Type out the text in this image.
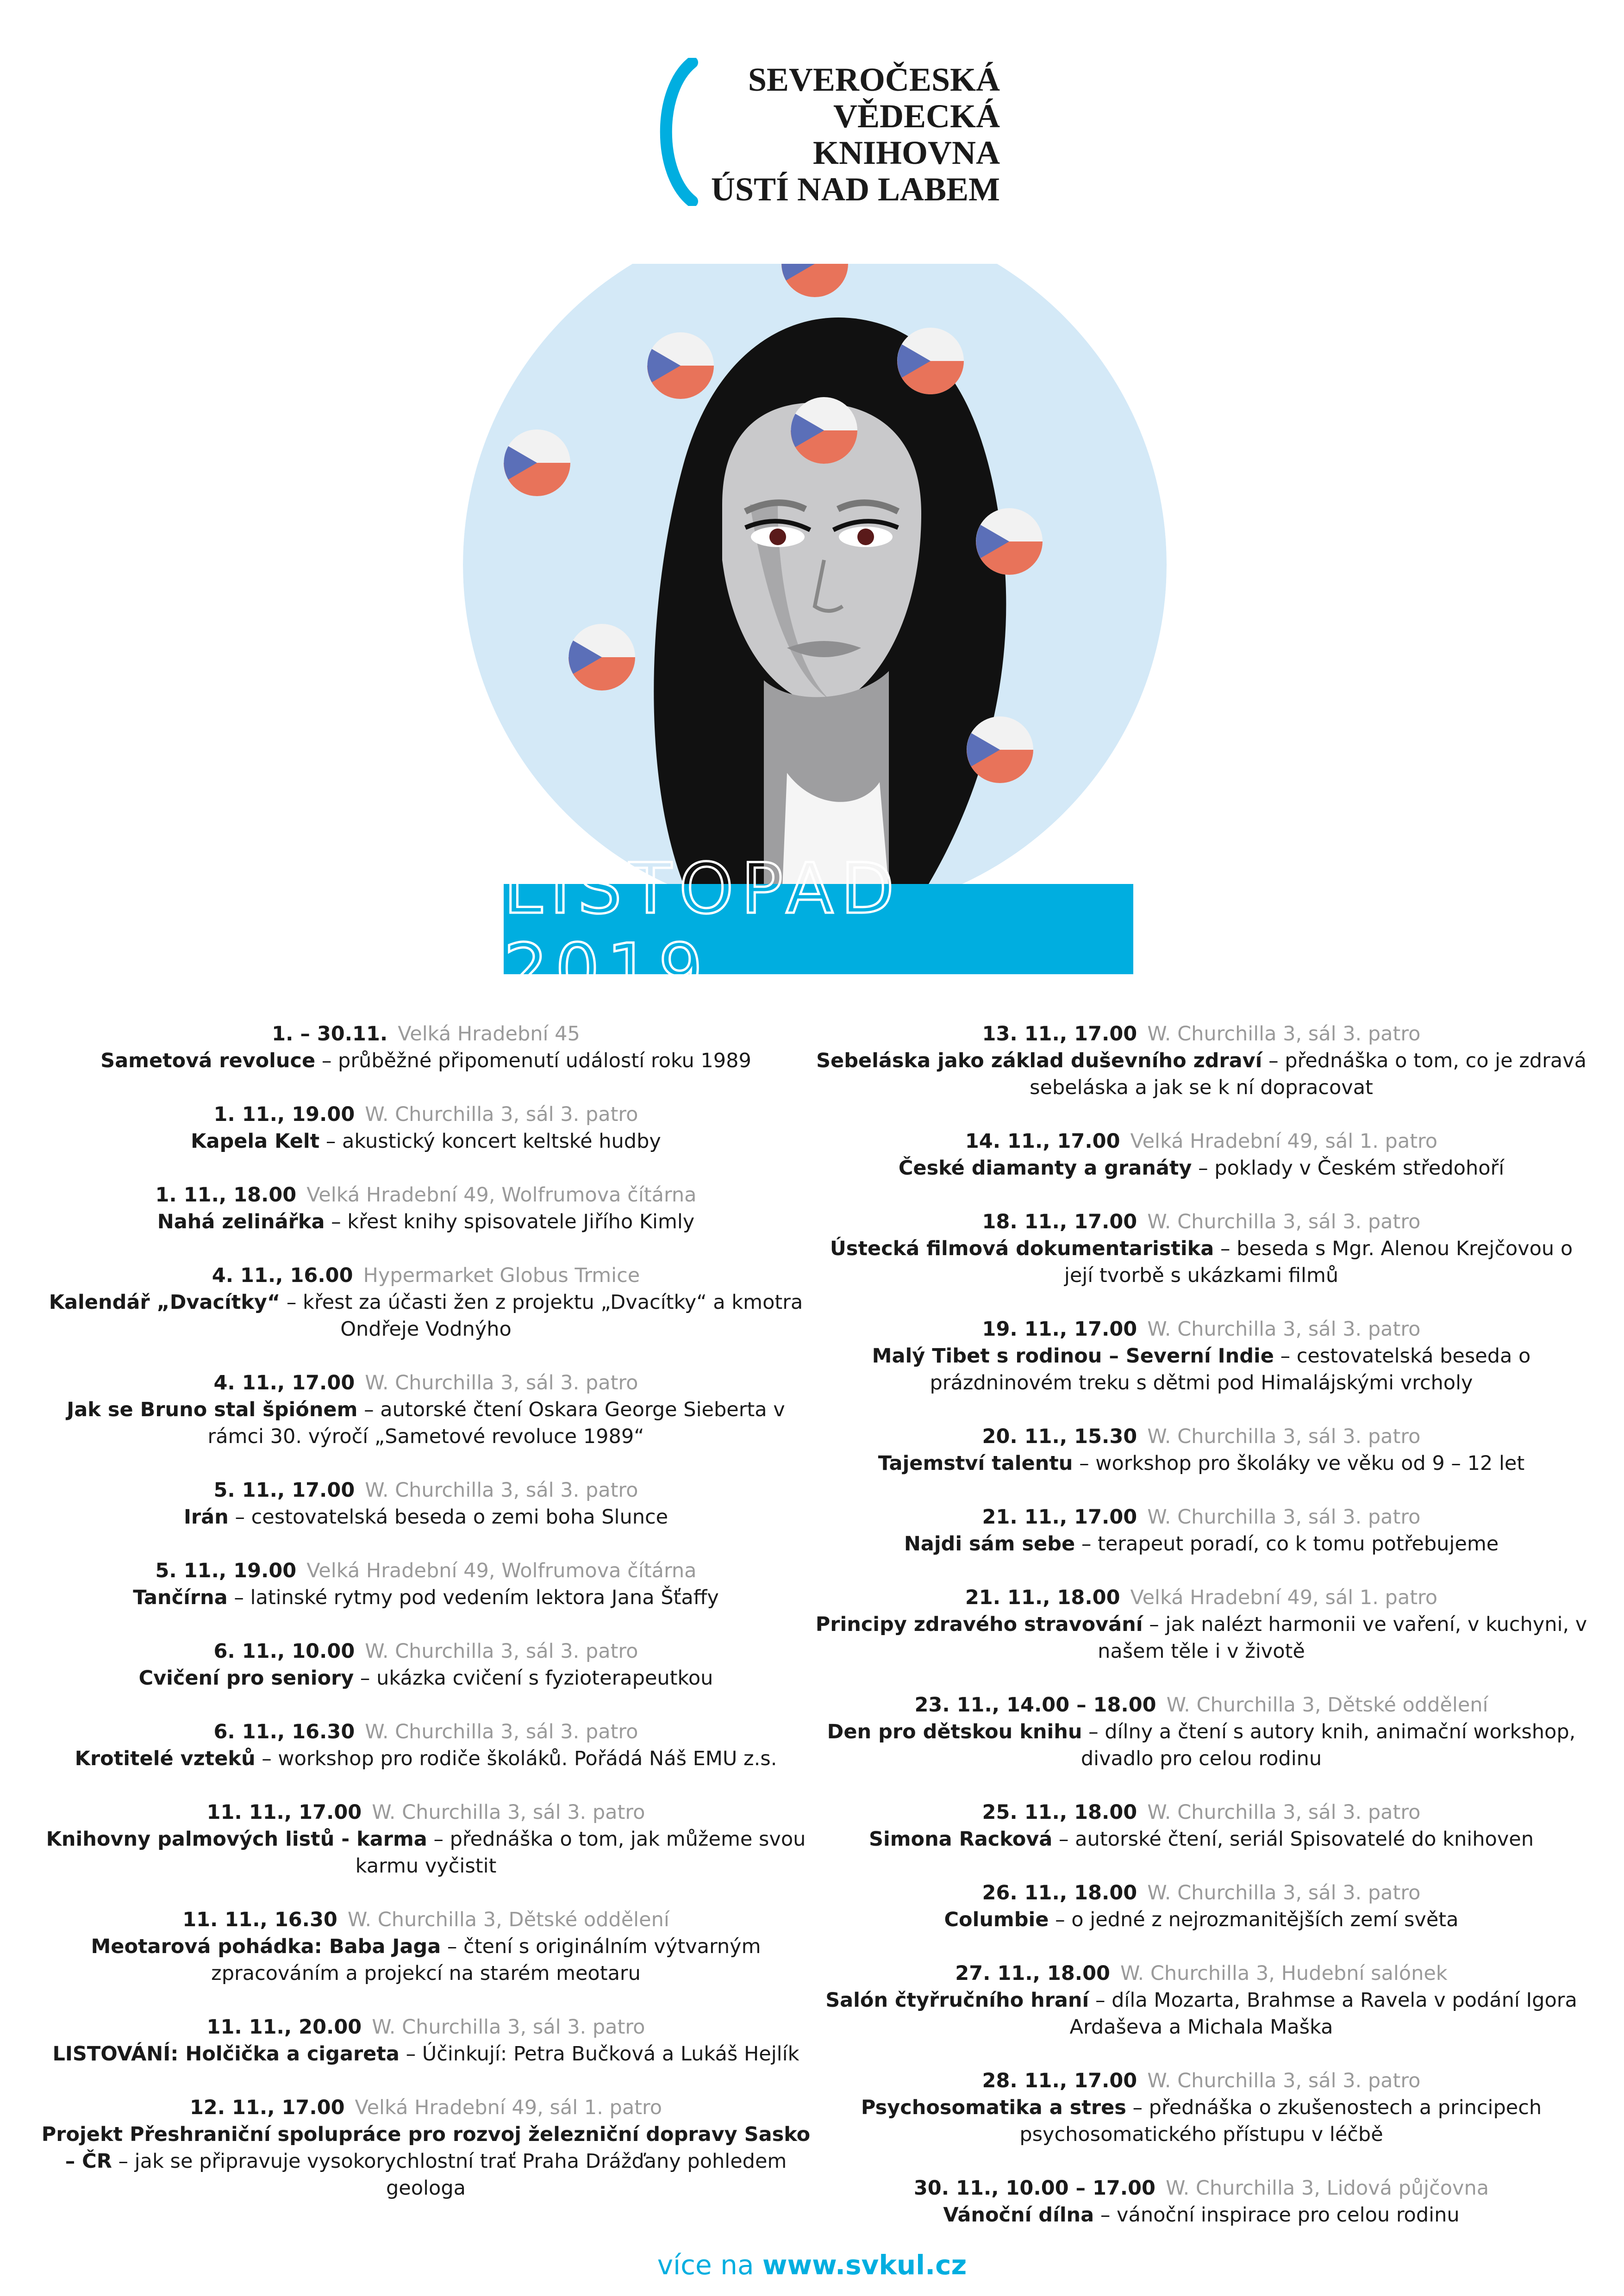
SEVEROČESKÁ
VĚDECKÁ
KNIHOVNA
ÚSTÍ NAD LABEM
LISTOPAD 2019
1. – 30.11. Velká Hradební 45
Sametová revoluce – průběžné připomenutí událostí roku 1989
1. 11., 19.00 W. Churchilla 3, sál 3. patro
Kapela Kelt – akustický koncert keltské hudby
1. 11., 18.00 Velká Hradební 49, Wolfrumova čítárna
Nahá zelinářka – křest knihy spisovatele Jiřího Kimly
4. 11., 16.00 Hypermarket Globus Trmice
Kalendář „Dvacítky“ – křest za účasti žen z projektu „Dvacítky“ a kmotra Ondřeje Vodnýho
4. 11., 17.00 W. Churchilla 3, sál 3. patro
Jak se Bruno stal špiónem – autorské čtení Oskara George Sieberta v rámci 30. výročí „Sametové revoluce 1989“
5. 11., 17.00 W. Churchilla 3, sál 3. patro
Irán – cestovatelská beseda o zemi boha Slunce
5. 11., 19.00 Velká Hradební 49, Wolfrumova čítárna
Tančírna – latinské rytmy pod vedením lektora Jana Šťaffy
6. 11., 10.00 W. Churchilla 3, sál 3. patro
Cvičení pro seniory – ukázka cvičení s fyzioterapeutkou
6. 11., 16.30 W. Churchilla 3, sál 3. patro
Krotitelé vzteků – workshop pro rodiče školáků. Pořádá Náš EMU z.s.
11. 11., 17.00 W. Churchilla 3, sál 3. patro
Knihovny palmových listů - karma – přednáška o tom, jak můžeme svou karmu vyčistit
11. 11., 16.30 W. Churchilla 3, Dětské oddělení
Meotarová pohádka: Baba Jaga – čtení s originálním výtvarným zpracováním a projekcí na starém meotaru
11. 11., 20.00 W. Churchilla 3, sál 3. patro
LISTOVÁNÍ: Holčička a cigareta – Účinkují: Petra Bučková a Lukáš Hejlík
12. 11., 17.00 Velká Hradební 49, sál 1. patro
Projekt Přeshraniční spolupráce pro rozvoj železniční dopravy Sasko – ČR – jak se připravuje vysokorychlostní trať Praha Drážďany pohledem geologa
13. 11., 17.00 W. Churchilla 3, sál 3. patro
Sebeláska jako základ duševního zdraví – přednáška o tom, co je zdravá sebeláska a jak se k ní dopracovat
14. 11., 17.00 Velká Hradební 49, sál 1. patro
České diamanty a granáty – poklady v Českém středohoří
18. 11., 17.00 W. Churchilla 3, sál 3. patro
Ústecká filmová dokumentaristika – beseda s Mgr. Alenou Krejčovou o její tvorbě s ukázkami filmů
19. 11., 17.00 W. Churchilla 3, sál 3. patro
Malý Tibet s rodinou – Severní Indie – cestovatelská beseda o prázdninovém treku s dětmi pod Himalájskými vrcholy
20. 11., 15.30 W. Churchilla 3, sál 3. patro
Tajemství talentu – workshop pro školáky ve věku od 9 – 12 let
21. 11., 17.00 W. Churchilla 3, sál 3. patro
Najdi sám sebe – terapeut poradí, co k tomu potřebujeme
21. 11., 18.00 Velká Hradební 49, sál 1. patro
Principy zdravého stravování – jak nalézt harmonii ve vaření, v kuchyni, v našem těle i v životě
23. 11., 14.00 – 18.00 W. Churchilla 3, Dětské oddělení
Den pro dětskou knihu – dílny a čtení s autory knih, animační workshop, divadlo pro celou rodinu
25. 11., 18.00 W. Churchilla 3, sál 3. patro
Simona Racková – autorské čtení, seriál Spisovatelé do knihoven
26. 11., 18.00 W. Churchilla 3, sál 3. patro
Columbie – o jedné z nejrozmanitějších zemí světa
27. 11., 18.00 W. Churchilla 3, Hudební salónek
Salón čtyřručního hraní – díla Mozarta, Brahmse a Ravela v podání Igora Ardaševa a Michala Maška
28. 11., 17.00 W. Churchilla 3, sál 3. patro
Psychosomatika a stres – přednáška o zkušenostech a principech psychosomatického přístupu v léčbě
30. 11., 10.00 – 17.00 W. Churchilla 3, Lidová půjčovna
Vánoční dílna – vánoční inspirace pro celou rodinu
více na www.svkul.cz
